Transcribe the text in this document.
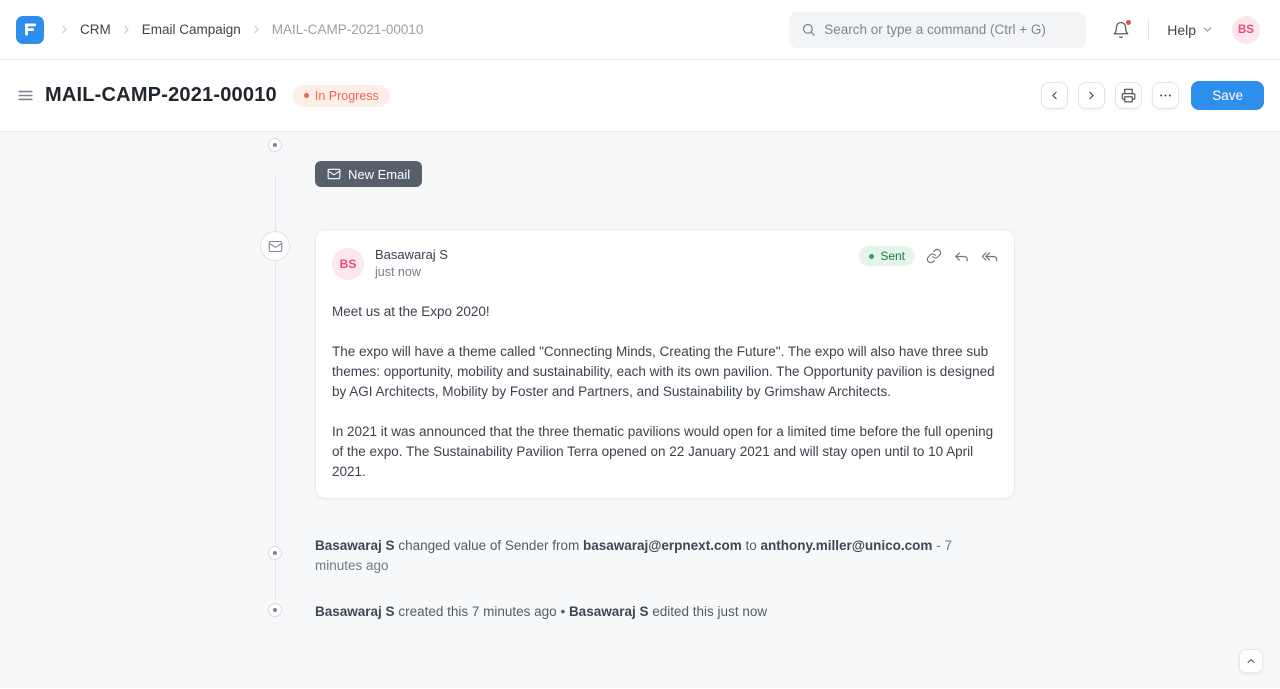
CRM Email Campaign MAIL-CAMP-2021-00010
Search or type a command (Ctrl + G)	Help	BS
MAIL-CAMP-2021-00010	In Progress	Save
New Email
BS
Basawaraj S
just now
Sent

Meet us at the Expo 2020!

The expo will have a theme called "Connecting Minds, Creating the Future". The expo will also have three sub themes: opportunity, mobility and sustainability, each with its own pavilion. The Opportunity pavilion is designed by AGI Architects, Mobility by Foster and Partners, and Sustainability by Grimshaw Architects.

In 2021 it was announced that the three thematic pavilions would open for a limited time before the full opening of the expo. The Sustainability Pavilion Terra opened on 22 January 2021 and will stay open until to 10 April 2021.

Basawaraj S changed value of Sender from basawaraj@erpnext.com to anthony.miller@unico.com - 7 minutes ago

Basawaraj S created this 7 minutes ago • Basawaraj S edited this just now
